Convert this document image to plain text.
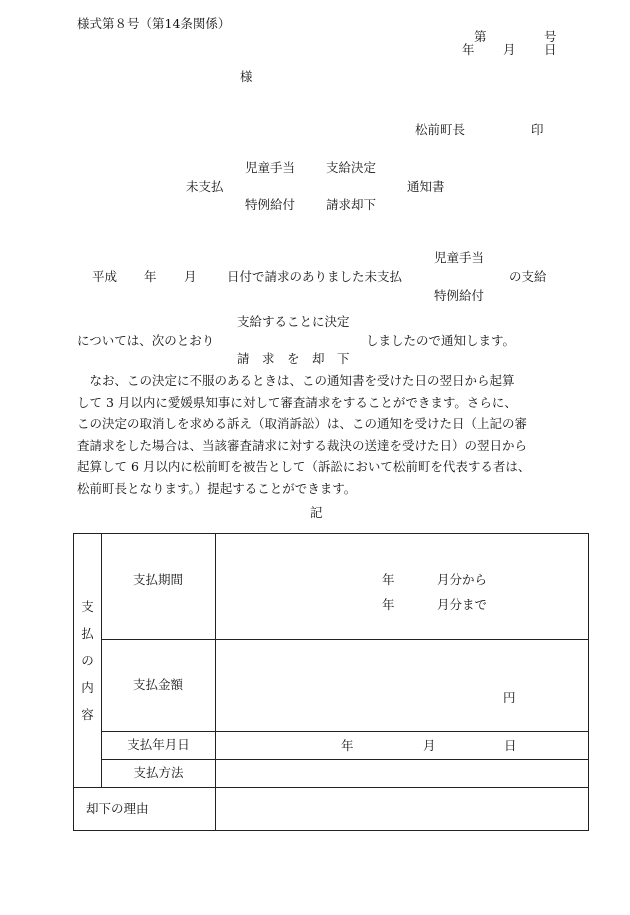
様式第８号（第14条関係）
第	号
年 月 日
様
松前町長	印
児童手当 支給決定
未支払	通知書
特例給付 請求却下
児童手当
平成 年 月 日付で請求のありました未支払	の支給
特例給付
支給することに決定
については、次のとおり	しましたので通知します。
請　求　を　却　下
　なお、この決定に不服のあるときは、この通知書を受けた日の翌日から起算
して 3 月以内に愛媛県知事に対して審査請求をすることができます。さらに、
この決定の取消しを求める訴え（取消訴訟）は、この通知を受けた日（上記の審
査請求をした場合は、当該審査請求に対する裁決の送達を受けた日）の翌日から
起算して 6 月以内に松前町を被告として（訴訟において松前町を代表する者は、
松前町長となります。）提起することができます。
記
支
払
の
内
容	支払期間	年 月分から
年 月分まで

	支払金額	円

	支払年月日	年 月 日

	支払方法	
却下の理由		
